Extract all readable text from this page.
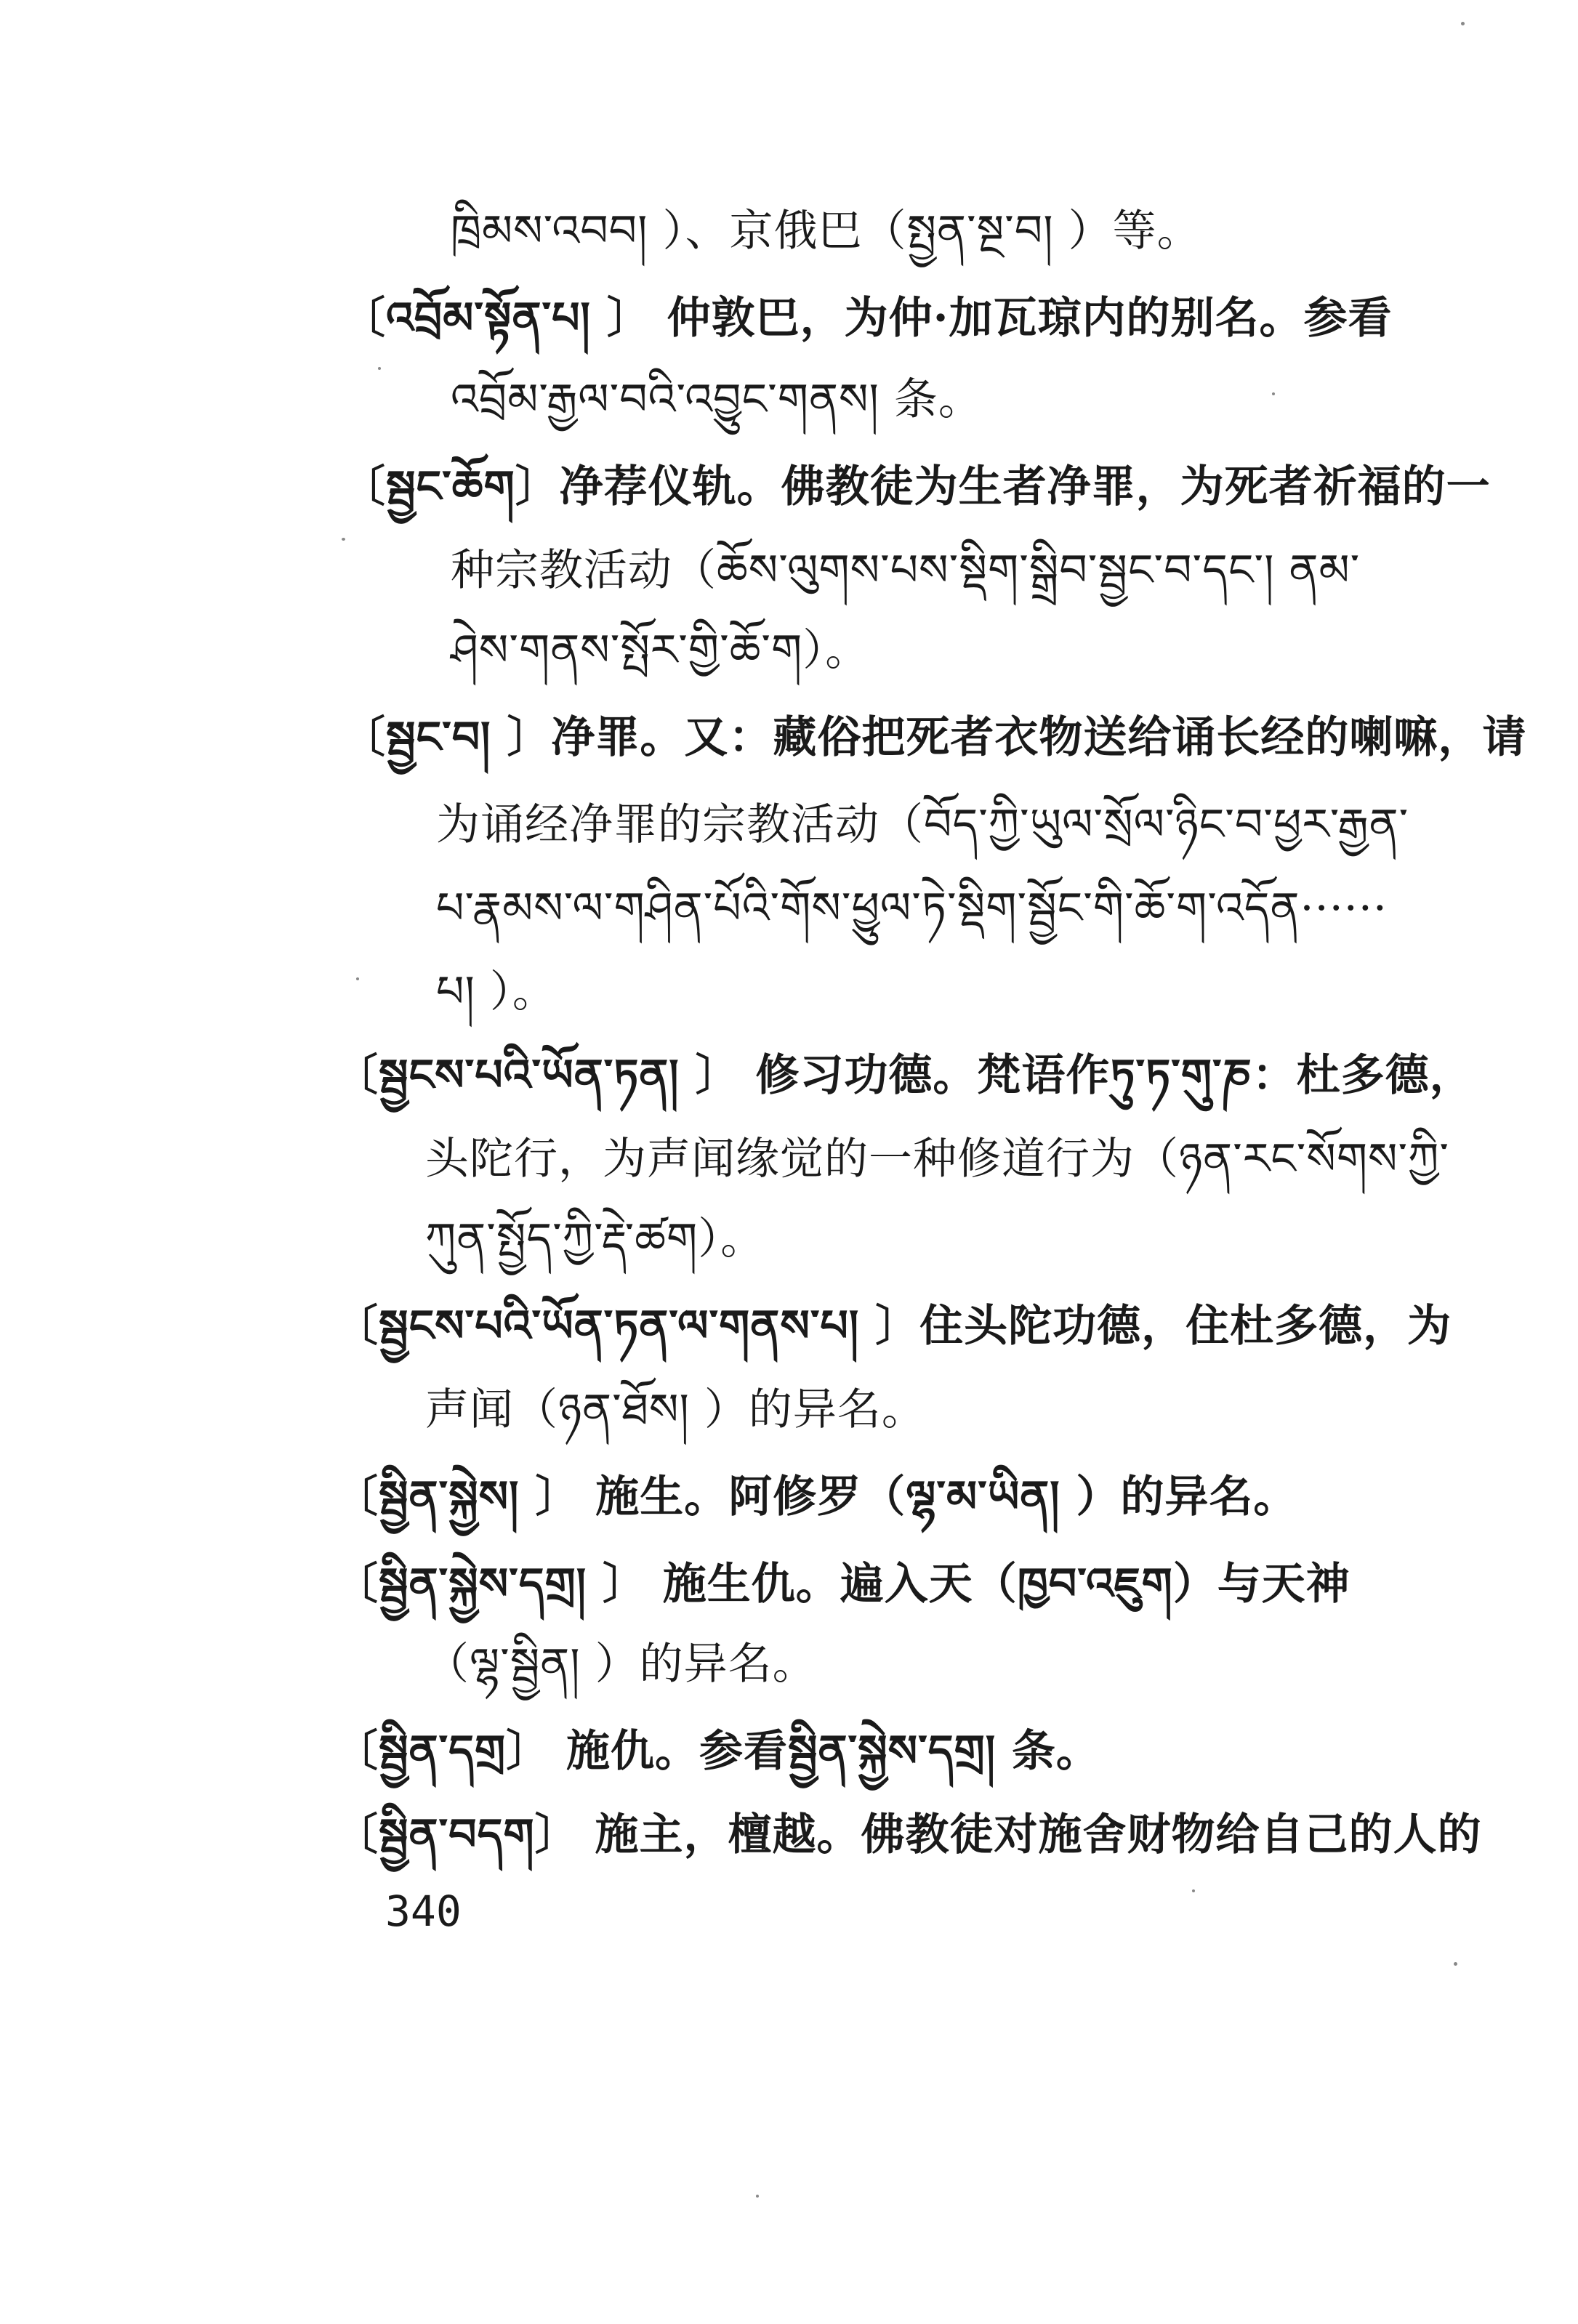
ཁྲིམས་འབབ། ）、京俄巴（སྤྱན་སྔ་བ། ）等。
〔འབྲོམ་སྟོན་པ། 〕 仲敦巴，为仲·加瓦琼内的别名。参看
འབྲོམ་རྒྱལ་བའི་འབྱུང་གནས། 条。
〔སྦྱང་ཆོག〕净荐仪轨。佛教徒为生者净罪，为死者祈福的一
种宗教活动（ཆོས་ལུགས་པས་སྡིག་སྒྲིབ་སྦྱང་བ་དང་། ནམ་
ཤེས་གནས་སྤོར་གྱི་ཆོ་ག）。
〔སྦྱང་བ། 〕净罪。又：藏俗把死者衣物送给诵长经的喇嘛，请
为诵经净罪的宗教活动（བོད་ཀྱི་ཡུལ་སྲོལ་ཉིང་བ་ཕྱར་རྒྱན་
པ་རྣམས་ལ་གཤིན་པོའི་གོས་ཕྱུལ་ཏེ་སྡིག་སྦྱོང་གི་ཆོ་ག་འདོན······
པ། ）。
〔སྦྱངས་པའི་ཡོན་ཏན། 〕 修习功德。梵语作ཏུ་ཏ་གུ་ཎ：杜多德，
头陀行，为声闻缘觉的一种修道行为（ཉན་རང་སོགས་ཀྱི་
ཀུན་སྤྱོད་ཀྱི་རྡེ་ཚག）。
〔སྦྱངས་པའི་ཡོན་ཏན་ལ་གནས་པ། 〕住头陀功德，住杜多德，为
声闻（ཉན་ཐོས། ）的异名。
〔སྦྱིན་སྐྱེས། 〕 施生。阿修罗（ལྷ་མ་ཡིན། ）的异名。
〔སྦྱིན་སྐྱེས་དགྲ། 〕 施生仇。遍入天（ཁྱབ་འཇུག）与天神
（ལྷ་སྦྱིན། ）的异名。
〔སྦྱིན་དགྲ〕 施仇。参看སྦྱིན་སྐྱེས་དགྲ། 条。
〔སྦྱིན་བདག〕 施主，檀越。佛教徒对施舍财物给自己的人的
340
